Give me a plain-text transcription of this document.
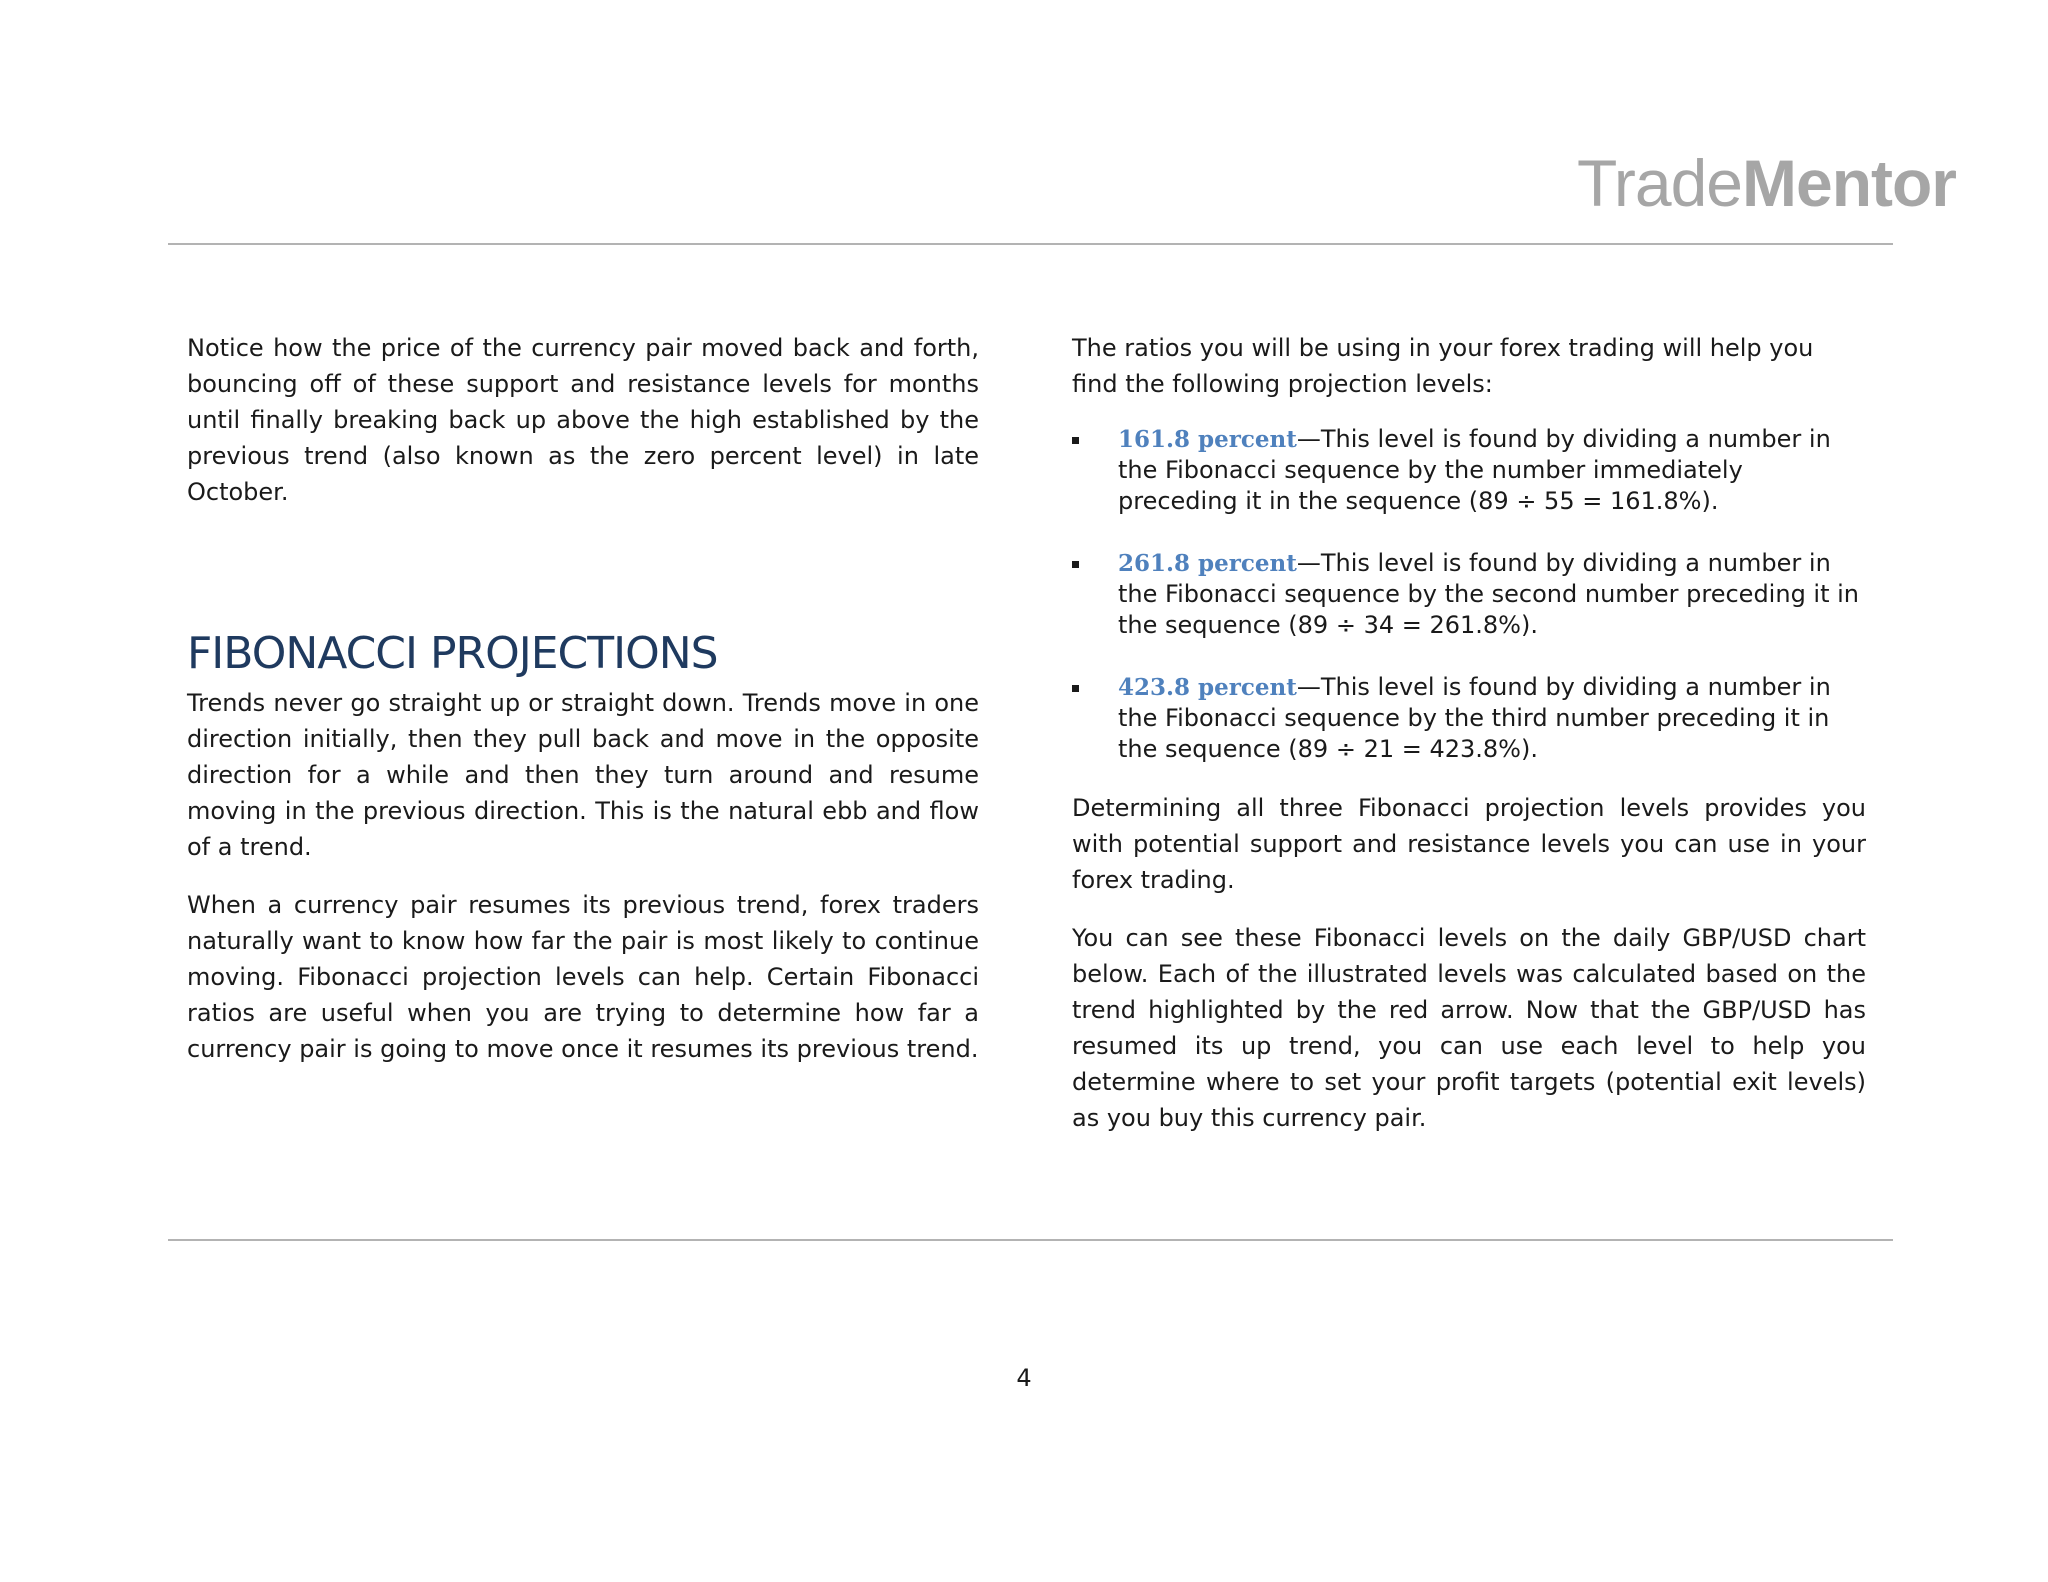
TradeMentor

Notice how the price of the currency pair moved back and forth, bouncing off of these support and resistance levels for months until finally breaking back up above the high established by the previous trend (also known as the zero percent level) in late October.

FIBONACCI PROJECTIONS

Trends never go straight up or straight down. Trends move in one direction initially, then they pull back and move in the opposite direction for a while and then they turn around and resume moving in the previous direction. This is the natural ebb and flow of a trend.

When a currency pair resumes its previous trend, forex traders naturally want to know how far the pair is most likely to continue moving. Fibonacci projection levels can help. Certain Fibonacci ratios are useful when you are trying to determine how far a currency pair is going to move once it resumes its previous trend.

The ratios you will be using in your forex trading will help you find the following projection levels:

161.8 percent—This level is found by dividing a number in the Fibonacci sequence by the number immediately preceding it in the sequence (89 ÷ 55 = 161.8%).
261.8 percent—This level is found by dividing a number in the Fibonacci sequence by the second number preceding it in the sequence (89 ÷ 34 = 261.8%).
423.8 percent—This level is found by dividing a number in the Fibonacci sequence by the third number preceding it in the sequence (89 ÷ 21 = 423.8%).

Determining all three Fibonacci projection levels provides you with potential support and resistance levels you can use in your forex trading.

You can see these Fibonacci levels on the daily GBP/USD chart below. Each of the illustrated levels was calculated based on the trend highlighted by the red arrow. Now that the GBP/USD has resumed its up trend, you can use each level to help you determine where to set your profit targets (potential exit levels) as you buy this currency pair.

4
